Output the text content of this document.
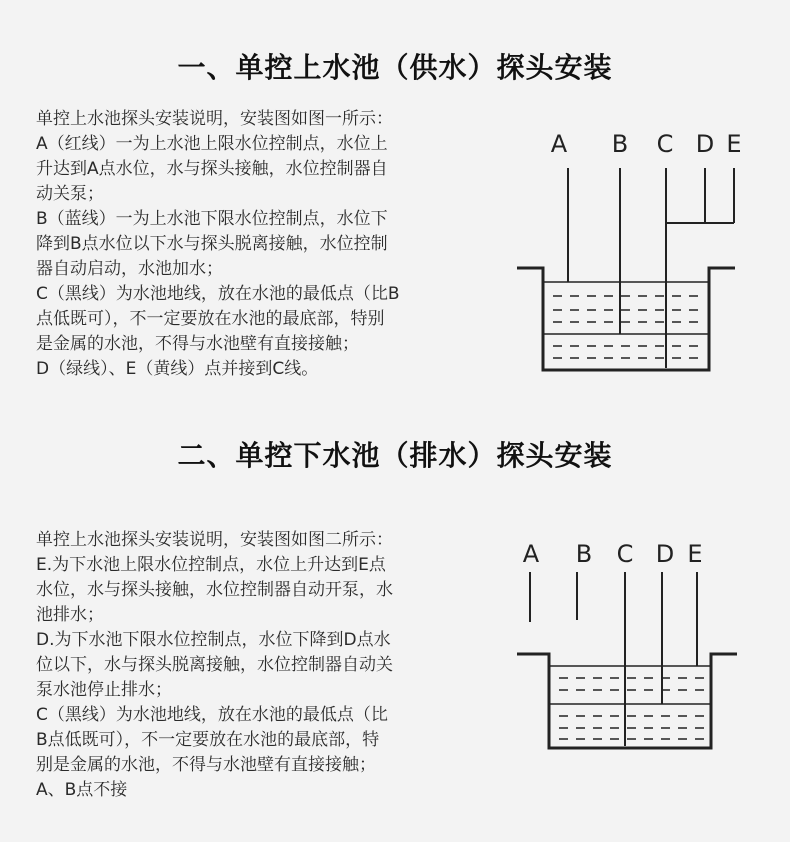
一、单控上水池（供水）探头安装
单控上水池探头安装说明，安装图如图一所示：
A（红线）一为上水池上限水位控制点，水位上
升达到A点水位，水与探头接触，水位控制器自
动关泵；
B（蓝线）一为上水池下限水位控制点，水位下
降到B点水位以下水与探头脱离接触，水位控制
器自动启动，水池加水；
C（黑线）为水池地线，放在水池的最低点（比B
点低既可），不一定要放在水池的最底部，特别
是金属的水池，不得与水池壁有直接接触；
D（绿线）、E（黄线）点并接到C线。
A B C D E
二、单控下水池（排水）探头安装
单控上水池探头安装说明，安装图如图二所示：
E.为下水池上限水位控制点，水位上升达到E点
水位，水与探头接触，水位控制器自动开泵，水
池排水；
D.为下水池下限水位控制点，水位下降到D点水
位以下，水与探头脱离接触，水位控制器自动关
泵水池停止排水；
C（黑线）为水池地线，放在水池的最低点（比
B点低既可），不一定要放在水池的最底部，特
别是金属的水池，不得与水池壁有直接接触；
A、B点不接
A B C D E
